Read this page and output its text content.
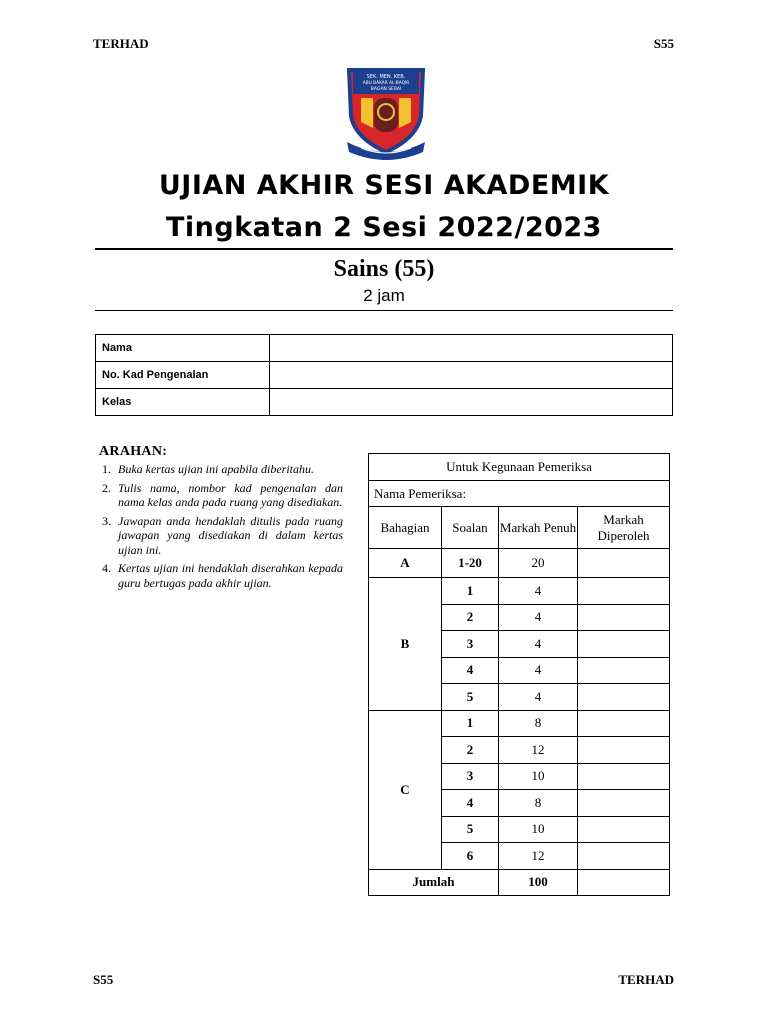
TERHAD	S55
SEK. MEN. KEB.
ABU BAKAR AL-BAQIR
BAGAN SERAI
UJIAN AKHIR SESI AKADEMIK
Tingkatan 2 Sesi 2022/2023
Sains (55)
2 jam
Nama	
No. Kad Pengenalan	
Kelas	
ARAHAN:
1. Buka kertas ujian ini apabila diberitahu.
2. Tulis nama, nombor kad pengenalan dan nama kelas anda pada ruang yang disediakan.
3. Jawapan anda hendaklah ditulis pada ruang jawapan yang disediakan di dalam kertas ujian ini.
4. Kertas ujian ini hendaklah diserahkan kepada guru bertugas pada akhir ujian.
Untuk Kegunaan Pemeriksa			
Nama Pemeriksa:			
Bahagian	Soalan	Markah Penuh	Markah Diperoleh
A	1-20	20	
B	1	4	
	2	4	
	3	4	
	4	4	
	5	4	
C	1	8	
	2	12	
	3	10	
	4	8	
	5	10	
	6	12	
Jumlah		100	
S55	TERHAD
